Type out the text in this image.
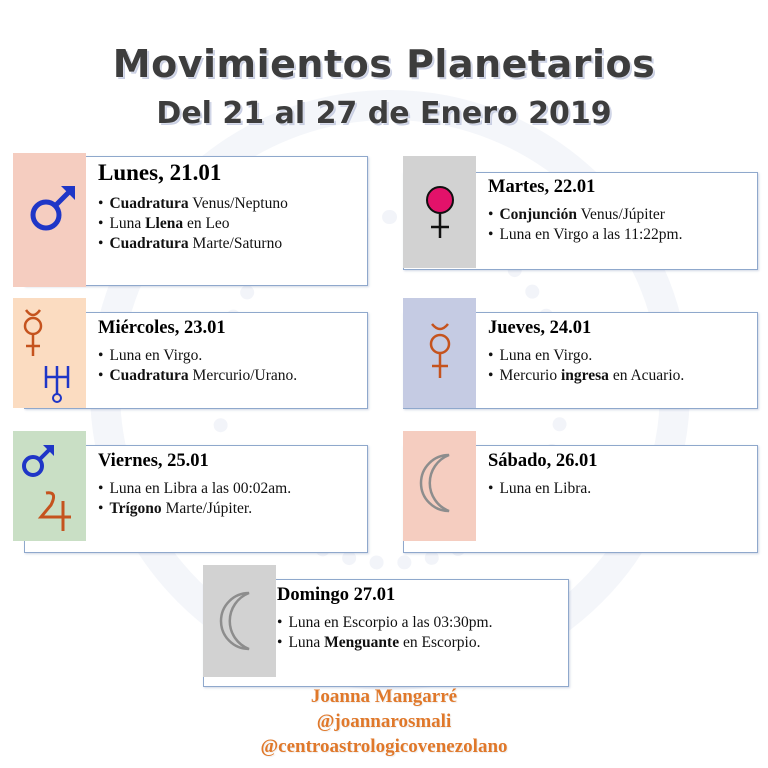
Movimientos Planetarios
Del 21 al 27 de Enero 2019
Lunes, 21.01
• Cuadratura Venus/Neptuno
• Luna Llena en Leo
• Cuadratura Marte/Saturno
Martes, 22.01
• Conjunción Venus/Júpiter
• Luna en Virgo a las 11:22pm.
Miércoles, 23.01
• Luna en Virgo.
• Cuadratura Mercurio/Urano.
Jueves, 24.01
• Luna en Virgo.
• Mercurio ingresa en Acuario.
Viernes, 25.01
• Luna en Libra a las 00:02am.
• Trígono Marte/Júpiter.
Sábado, 26.01
• Luna en Libra.
Domingo 27.01
• Luna en Escorpio a las 03:30pm.
• Luna Menguante en Escorpio.
Joanna Mangarré
@joannarosmali
@centroastrologicovenezolano
